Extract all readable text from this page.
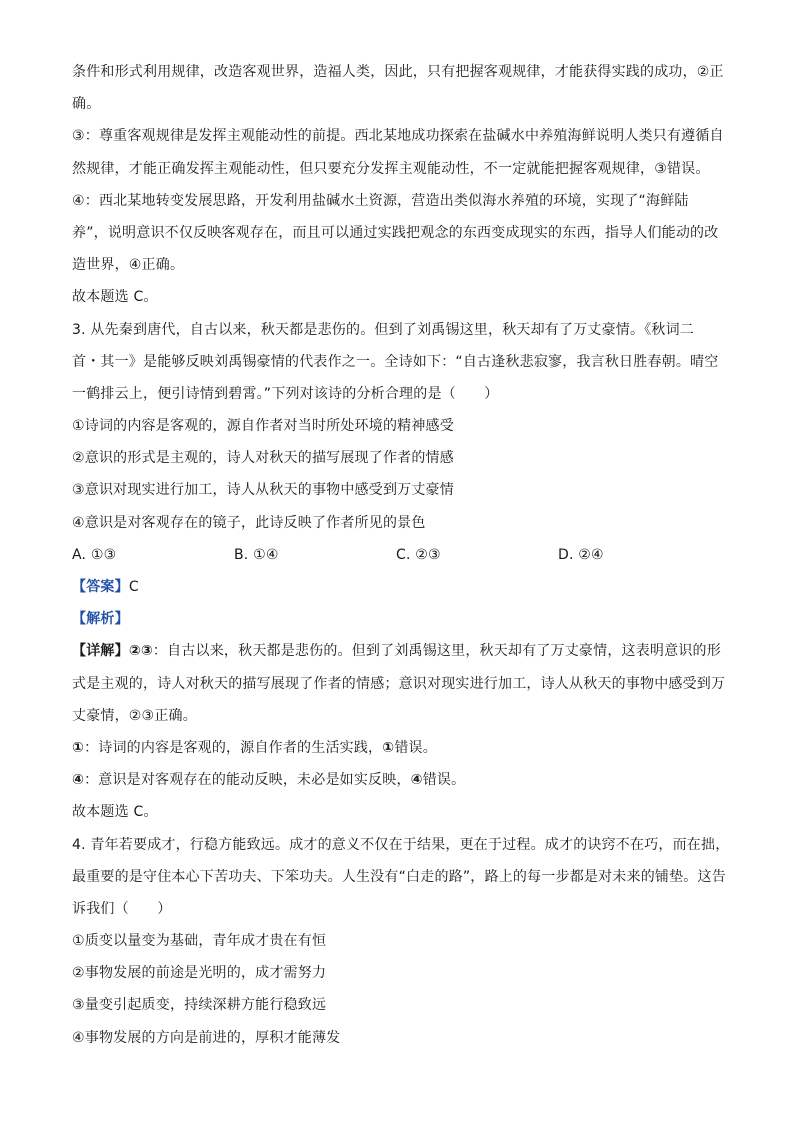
条件和形式利用规律，改造客观世界，造福人类，因此，只有把握客观规律，才能获得实践的成功，②正
确。
③：尊重客观规律是发挥主观能动性的前提。西北某地成功探索在盐碱水中养殖海鲜说明人类只有遵循自
然规律，才能正确发挥主观能动性，但只要充分发挥主观能动性，不一定就能把握客观规律，③错误。
④：西北某地转变发展思路，开发利用盐碱水土资源，营造出类似海水养殖的环境，实现了“海鲜陆
养”，说明意识不仅反映客观存在，而且可以通过实践把观念的东西变成现实的东西，指导人们能动的改
造世界，④正确。
故本题选 C。
3. 从先秦到唐代，自古以来，秋天都是悲伤的。但到了刘禹锡这里，秋天却有了万丈豪情。《秋词二
首・其一》是能够反映刘禹锡豪情的代表作之一。全诗如下：“自古逢秋悲寂寥，我言秋日胜春朝。晴空
一鹤排云上，便引诗情到碧霄。”下列对该诗的分析合理的是（　　）
①诗词的内容是客观的，源自作者对当时所处环境的精神感受
②意识的形式是主观的，诗人对秋天的描写展现了作者的情感
③意识对现实进行加工，诗人从秋天的事物中感受到万丈豪情
④意识是对客观存在的镜子，此诗反映了作者所见的景色
A. ①③	B. ①④	C. ②③	D. ②④
【答案】C
【解析】
【详解】②③：自古以来，秋天都是悲伤的。但到了刘禹锡这里，秋天却有了万丈豪情，这表明意识的形
式是主观的，诗人对秋天的描写展现了作者的情感；意识对现实进行加工，诗人从秋天的事物中感受到万
丈豪情，②③正确。
①：诗词的内容是客观的，源自作者的生活实践，①错误。
④：意识是对客观存在的能动反映，未必是如实反映，④错误。
故本题选 C。
4. 青年若要成才，行稳方能致远。成才的意义不仅在于结果，更在于过程。成才的诀窍不在巧，而在拙，
最重要的是守住本心下苦功夫、下笨功夫。人生没有“白走的路”，路上的每一步都是对未来的铺垫。这告
诉我们（　　）
①质变以量变为基础，青年成才贵在有恒
②事物发展的前途是光明的，成才需努力
③量变引起质变，持续深耕方能行稳致远
④事物发展的方向是前进的，厚积才能薄发
